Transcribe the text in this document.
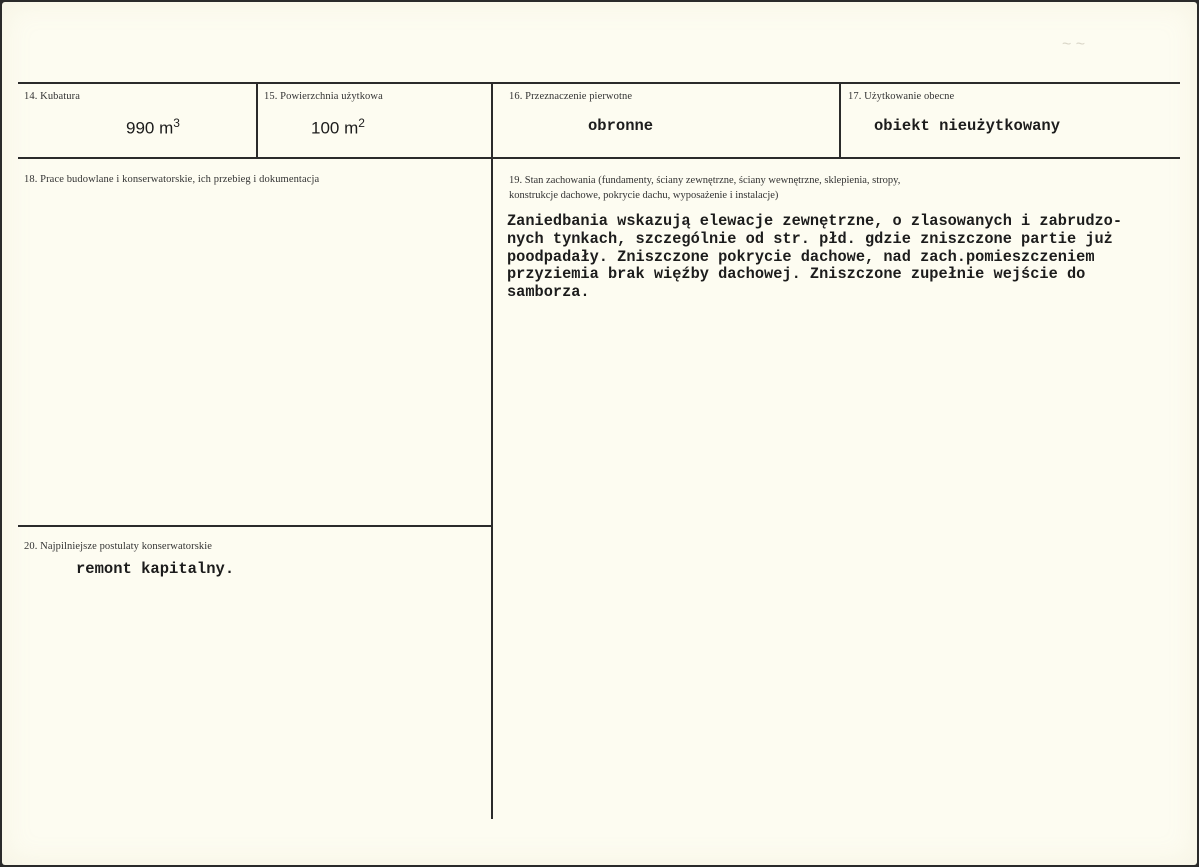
~ ~
14. Kubatura
990 $m^3$
15. Powierzchnia użytkowa
100 $m^2$
16. Przeznaczenie pierwotne
obronne
17. Użytkowanie obecne
obiekt nieużytkowany
18. Prace budowlane i konserwatorskie, ich przebieg i dokumentacja	19. Stan zachowania (fundamenty, ściany zewnętrzne, ściany wewnętrzne, sklepienia, stropy,
konstrukcje dachowe, pokrycie dachu, wyposażenie i instalacje)
Zaniedbania wskazują elewacje zewnętrzne, o zlasowanych i zabrudzo-
nych tynkach, szczególnie od str. płd. gdzie zniszczone partie już
poodpadały. Zniszczone pokrycie dachowe, nad zach.pomieszczeniem
przyziemia brak więźby dachowej. Zniszczone zupełnie wejście do
samborza.
20. Najpilniejsze postulaty konserwatorskie
remont kapitalny.
